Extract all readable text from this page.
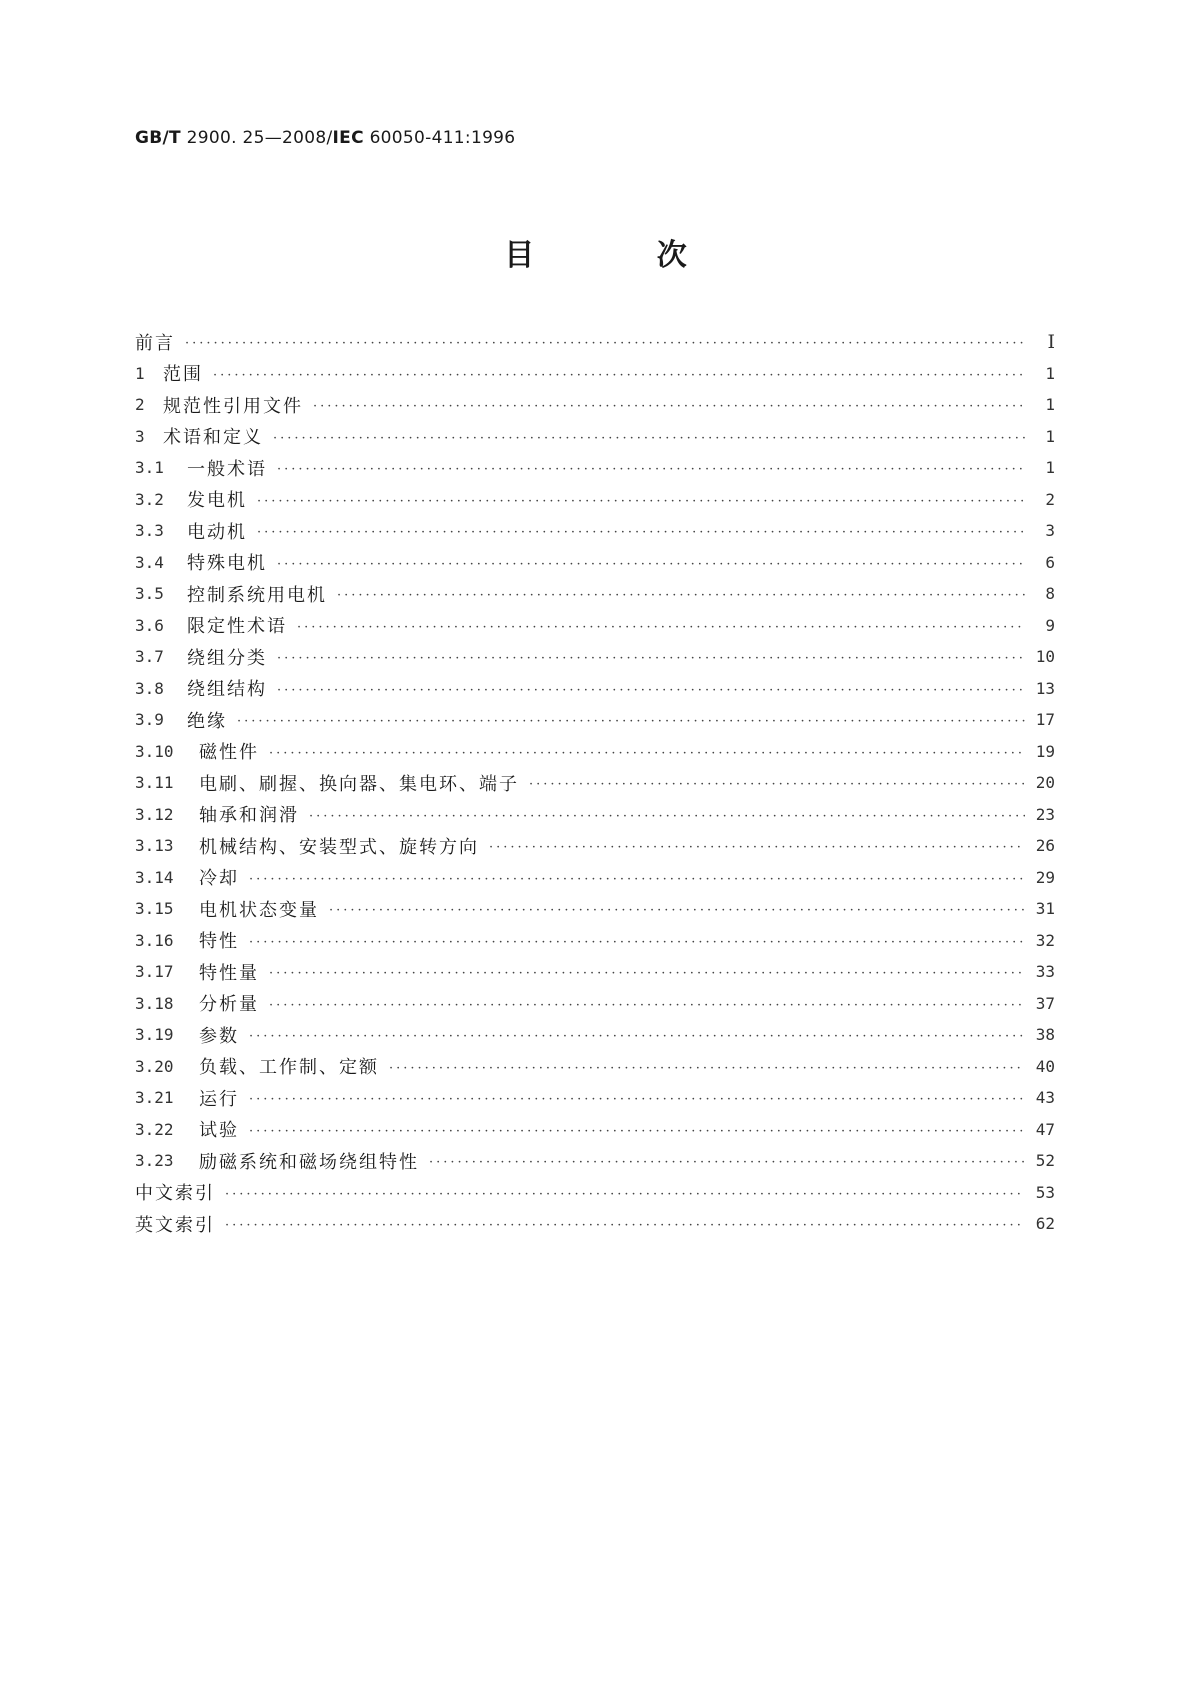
GB/T 2900. 25—2008/IEC 60050-411:1996
目 次
前言 ·····	Ⅰ
1	范围 ·····	1
2	规范性引用文件 ·····	1
3	术语和定义 ·····	1
3.1	一般术语 ·····	1
3.2	发电机 ·····	2
3.3	电动机 ·····	3
3.4	特殊电机 ·····	6
3.5	控制系统用电机 ·····	8
3.6	限定性术语 ·····	9
3.7	绕组分类 ·····	10
3.8	绕组结构 ·····	13
3.9	绝缘 ·····	17
3.10	磁性件 ·····	19
3.11	电刷、刷握、换向器、集电环、端子 ·····	20
3.12	轴承和润滑 ·····	23
3.13	机械结构、安装型式、旋转方向 ·····	26
3.14	冷却 ·····	29
3.15	电机状态变量 ·····	31
3.16	特性 ·····	32
3.17	特性量 ·····	33
3.18	分析量 ·····	37
3.19	参数 ·····	38
3.20	负载、工作制、定额 ·····	40
3.21	运行 ·····	43
3.22	试验 ·····	47
3.23	励磁系统和磁场绕组特性 ·····	52
中文索引 ·····	53
英文索引 ·····	62
